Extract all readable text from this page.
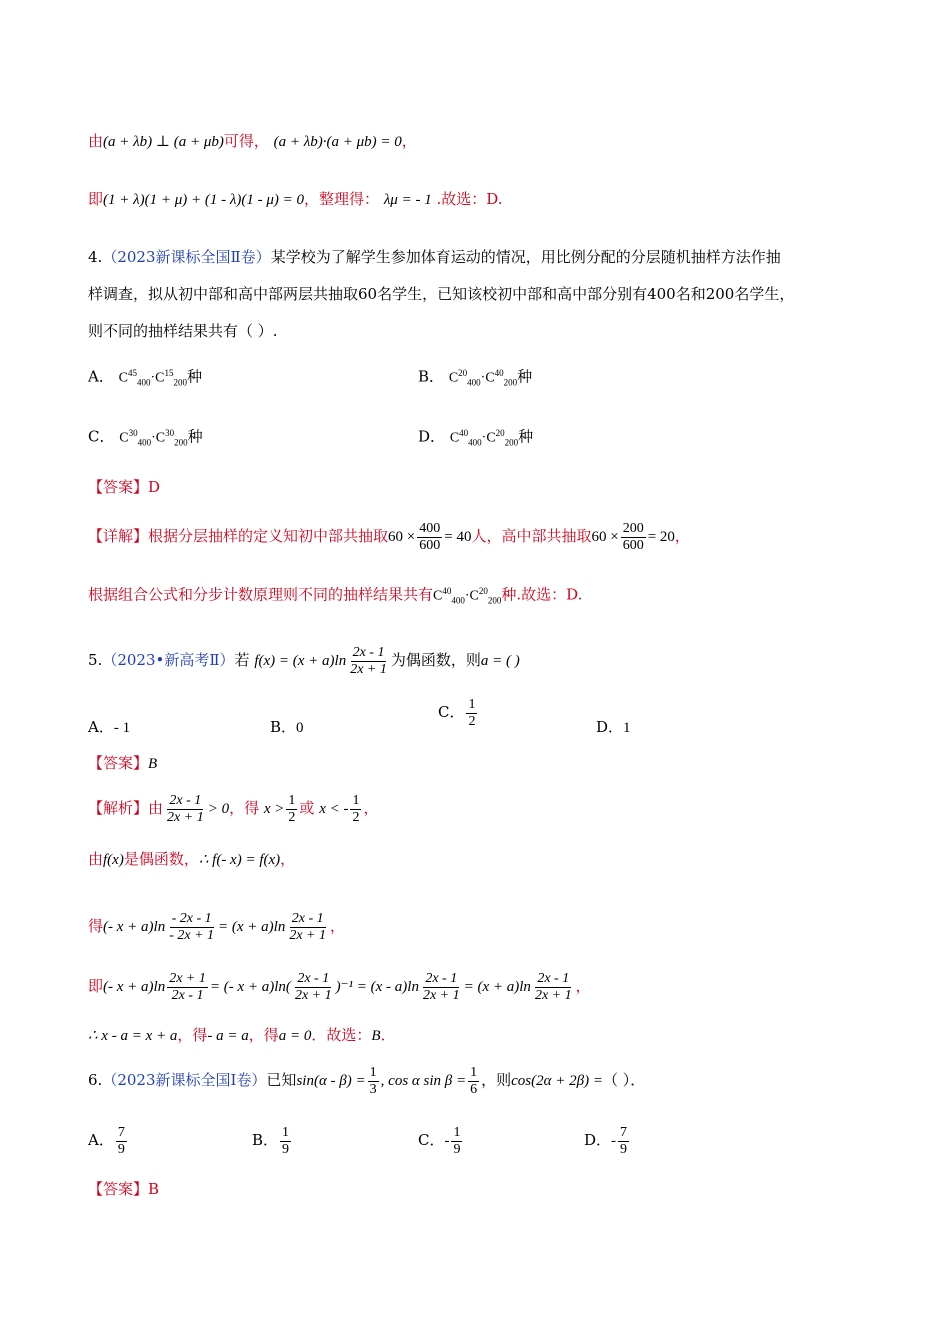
由(a + λb) ⊥ (a + μb)可得， (a + λb)·(a + μb) = 0，
即(1 + λ)(1 + μ) + (1 - λ)(1 - μ) = 0，整理得： λμ = - 1 .故选：D.
4.（2023新课标全国Ⅱ卷）某学校为了解学生参加体育运动的情况，用比例分配的分层随机抽样方法作抽
样调查，拟从初中部和高中部两层共抽取60名学生，已知该校初中部和高中部分别有400名和200名学生，
则不同的抽样结果共有（ ）.
A． $C^{45}_{400}\cdot C^{15}_{200}$种	B． $C^{20}_{400}\cdot C^{40}_{200}$种
C． $C^{30}_{400}\cdot C^{30}_{200}$种	D． $C^{40}_{400}\cdot C^{20}_{200}$种
【答案】D
【详解】根据分层抽样的定义知初中部共抽取$60 \times \frac{400}{600} = 40$人，高中部共抽取$60 \times \frac{200}{600} = 20$，
根据组合公式和分步计数原理则不同的抽样结果共有$C^{40}_{400}\cdot C^{20}_{200}$种.故选：D.
5.（2023•新高考Ⅱ）若 $f(x) = (x + a)\ln \frac{2x - 1}{2x + 1}$ 为偶函数，则a = ( )
A．- 1	B．0
C． $\frac{1}{2}$	D．1
【答案】B
【解析】由 $\frac{2x - 1}{2x + 1} > 0$，得 $x > \frac{1}{2}$ 或 x < - $\frac{1}{2}$ ，
由f(x)是偶函数，∴ f(- x) = f(x)，
得(- $x + a)\ln \frac{- 2x - 1}{- 2x + 1} = (x + a)\ln \frac{2x - 1}{2x + 1}$ ，
即(- $x + a)\ln \frac{2x + 1}{2x - 1}$ = (- $x + a)\ln( \frac{2x - 1}{2x + 1} )^{-1} = (x - a)\ln \frac{2x - 1}{2x + 1} = (x + a)\ln \frac{2x - 1}{2x + 1}$ ，
∴ x - a = x + a，得- a = a，得a = 0．故选：B．
6.（2023新课标全国Ⅰ卷）已知$\sin(\alpha - \beta) = \frac{1}{3}$ , cos α $\sin \beta = \frac{1}{6}$ ，则cos(2α + 2β) =（ ）．
A． $\frac{7}{9}$	B． $\frac{1}{9}$	C．- $\frac{1}{9}$	D．- $\frac{7}{9}$
【答案】B
